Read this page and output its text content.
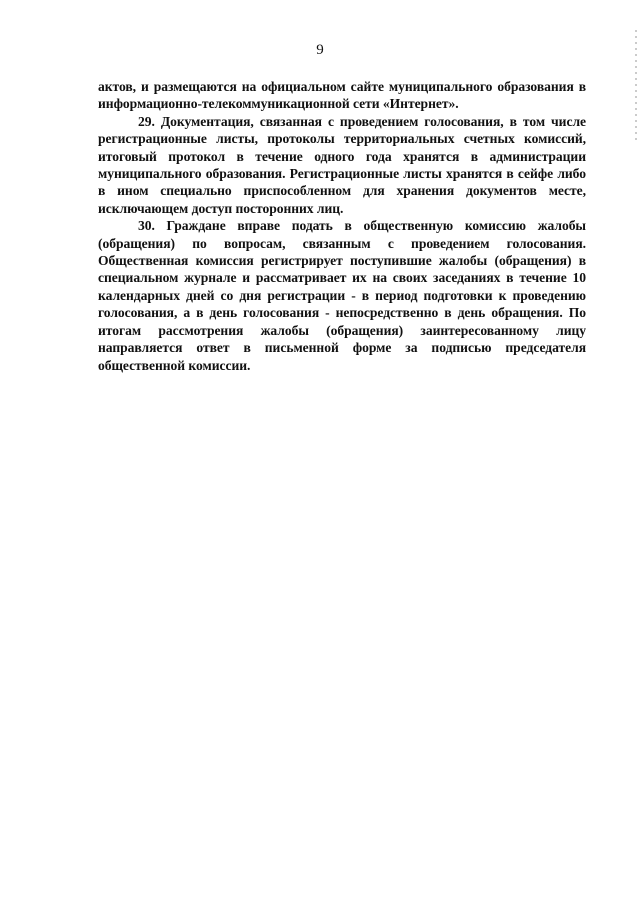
9

актов, и размещаются на официальном сайте муниципального образования в информационно-телекоммуникационной сети «Интернет».

29. Документация, связанная с проведением голосования, в том числе регистрационные листы, протоколы территориальных счетных комиссий, итоговый протокол в течение одного года хранятся в администрации муниципального образования. Регистрационные листы хранятся в сейфе либо в ином специально приспособленном для хранения документов месте, исключающем доступ посторонних лиц.

30. Граждане вправе подать в общественную комиссию жалобы (обращения) по вопросам, связанным с проведением голосования. Общественная комиссия регистрирует поступившие жалобы (обращения) в специальном журнале и рассматривает их на своих заседаниях в течение 10 календарных дней со дня регистрации - в период подготовки к проведению голосования, а в день голосования - непосредственно в день обращения. По итогам рассмотрения жалобы (обращения) заинтересованному лицу направляется ответ в письменной форме за подписью председателя общественной комиссии.
